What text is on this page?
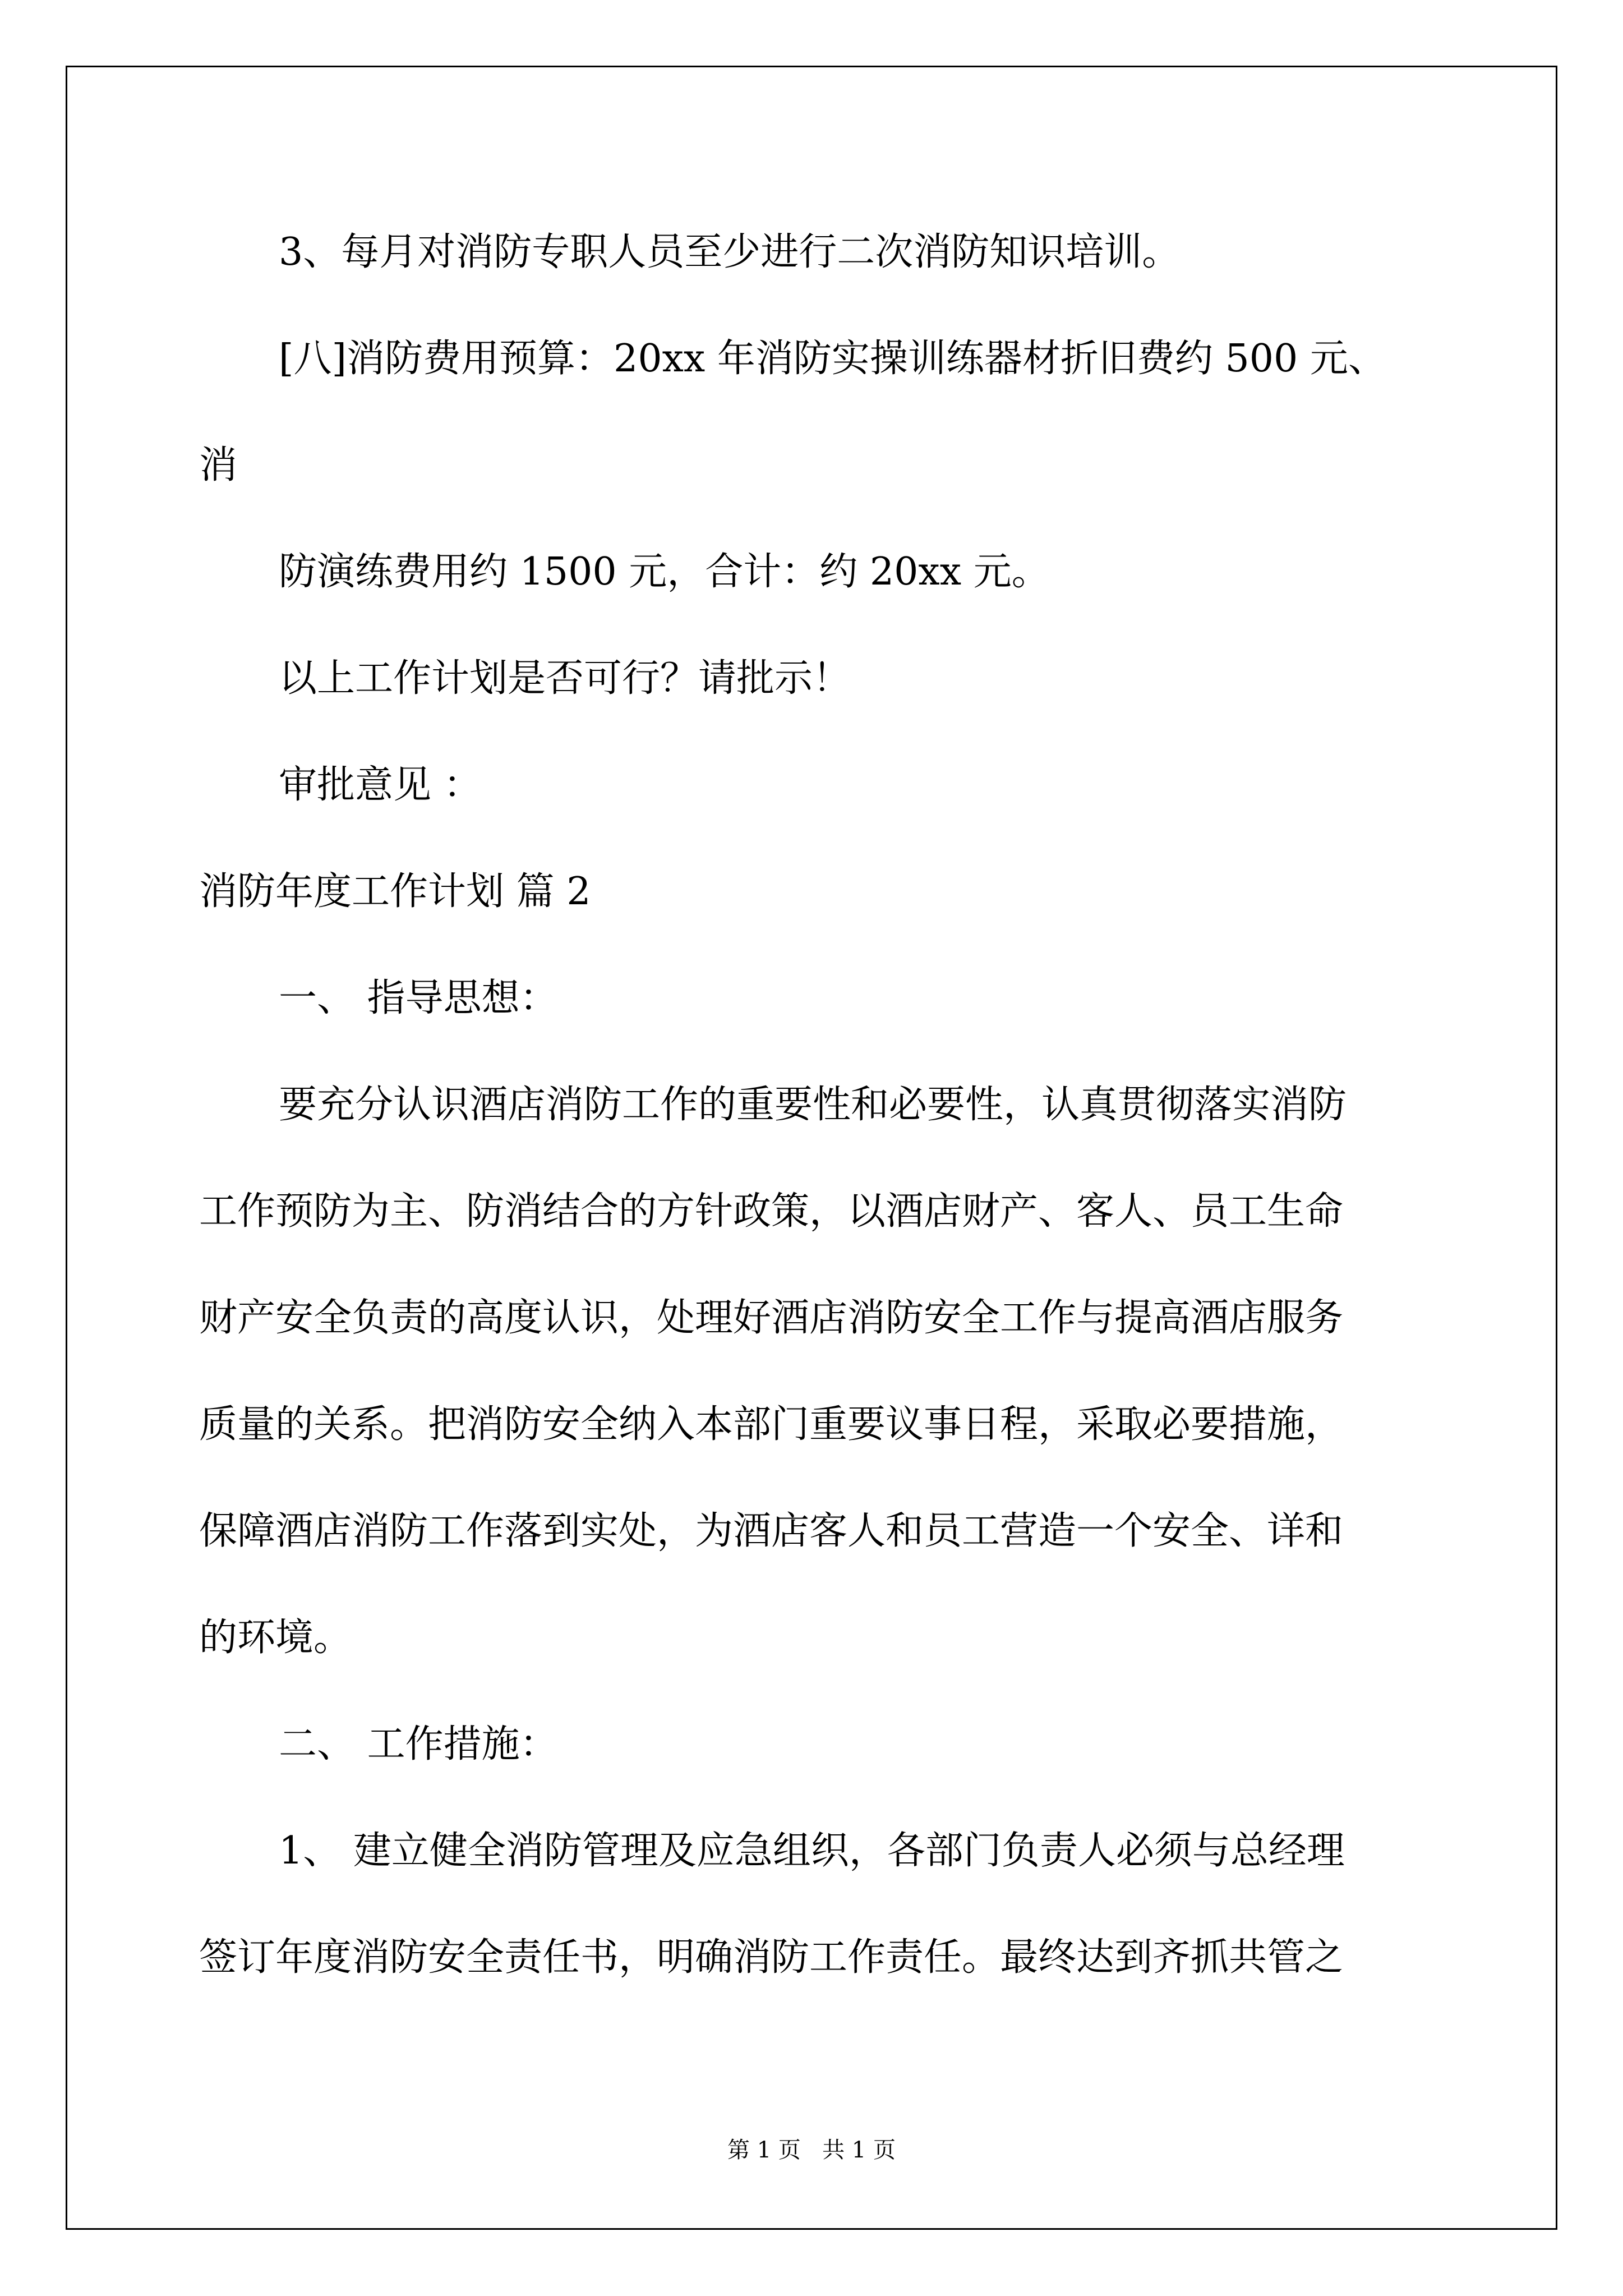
3、每月对消防专职人员至少进行二次消防知识培训。
[八]消防费用预算：20xx 年消防实操训练器材折旧费约 500 元、
消
防演练费用约 1500 元，合计：约 20xx 元。
以上工作计划是否可行？请批示！
审批意见 ：
消防年度工作计划 篇 2
一、 指导思想：
要充分认识酒店消防工作的重要性和必要性，认真贯彻落实消防
工作预防为主、防消结合的方针政策，以酒店财产、客人、员工生命
财产安全负责的高度认识，处理好酒店消防安全工作与提高酒店服务
质量的关系。把消防安全纳入本部门重要议事日程，采取必要措施，
保障酒店消防工作落到实处，为酒店客人和员工营造一个安全、详和
的环境。
二、 工作措施：
1、 建立健全消防管理及应急组织，各部门负责人必须与总经理
签订年度消防安全责任书，明确消防工作责任。最终达到齐抓共管之
第 1 页   共 1 页
